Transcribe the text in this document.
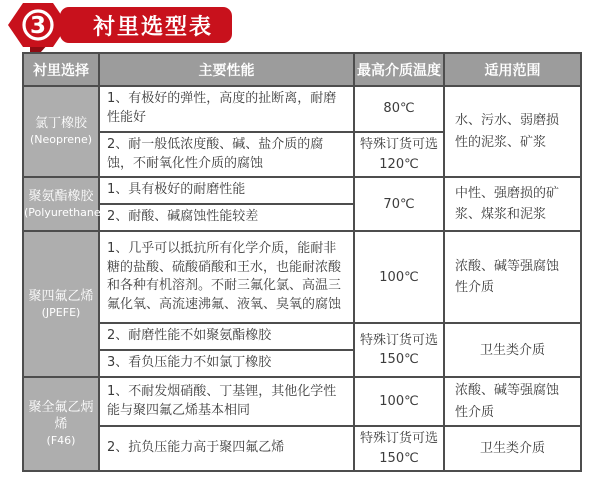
衬里选型表
3
衬里选择	主要性能	最高介质温度	适用范围

氯丁橡胶
(Neoprene)	1、有极好的弹性，高度的扯断离，耐磨性能好	80℃	水、污水、弱磨损性的泥浆、矿浆
	2、耐一般低浓度酸、碱、盐介质的腐蚀，不耐氧化性介质的腐蚀	特殊订货可选120℃	

聚氨酯橡胶
(Polyurethane)	1、具有极好的耐磨性能	70℃	中性、强磨损的矿浆、煤浆和泥浆
	2、耐酸、碱腐蚀性能较差		

聚四氟乙烯
(JPEFE)	1、几乎可以抵抗所有化学介质，能耐非糖的盐酸、硫酸硝酸和王水，也能耐浓酸和各种有机溶剂。不耐三氟化氯、高温三氟化氧、高流速沸氟、液氧、臭氧的腐蚀	100℃	浓酸、碱等强腐蚀性介质
	2、耐磨性能不如聚氨酯橡胶	特殊订货可选150℃	卫生类介质
	3、看负压能力不如氯丁橡胶		

聚全氟乙炳烯
(F46)	1、不耐发烟硝酸、丁基锂，其他化学性能与聚四氟乙烯基本相同	100℃	浓酸、碱等强腐蚀性介质
	2、抗负压能力高于聚四氟乙烯	特殊订货可选150℃	卫生类介质
